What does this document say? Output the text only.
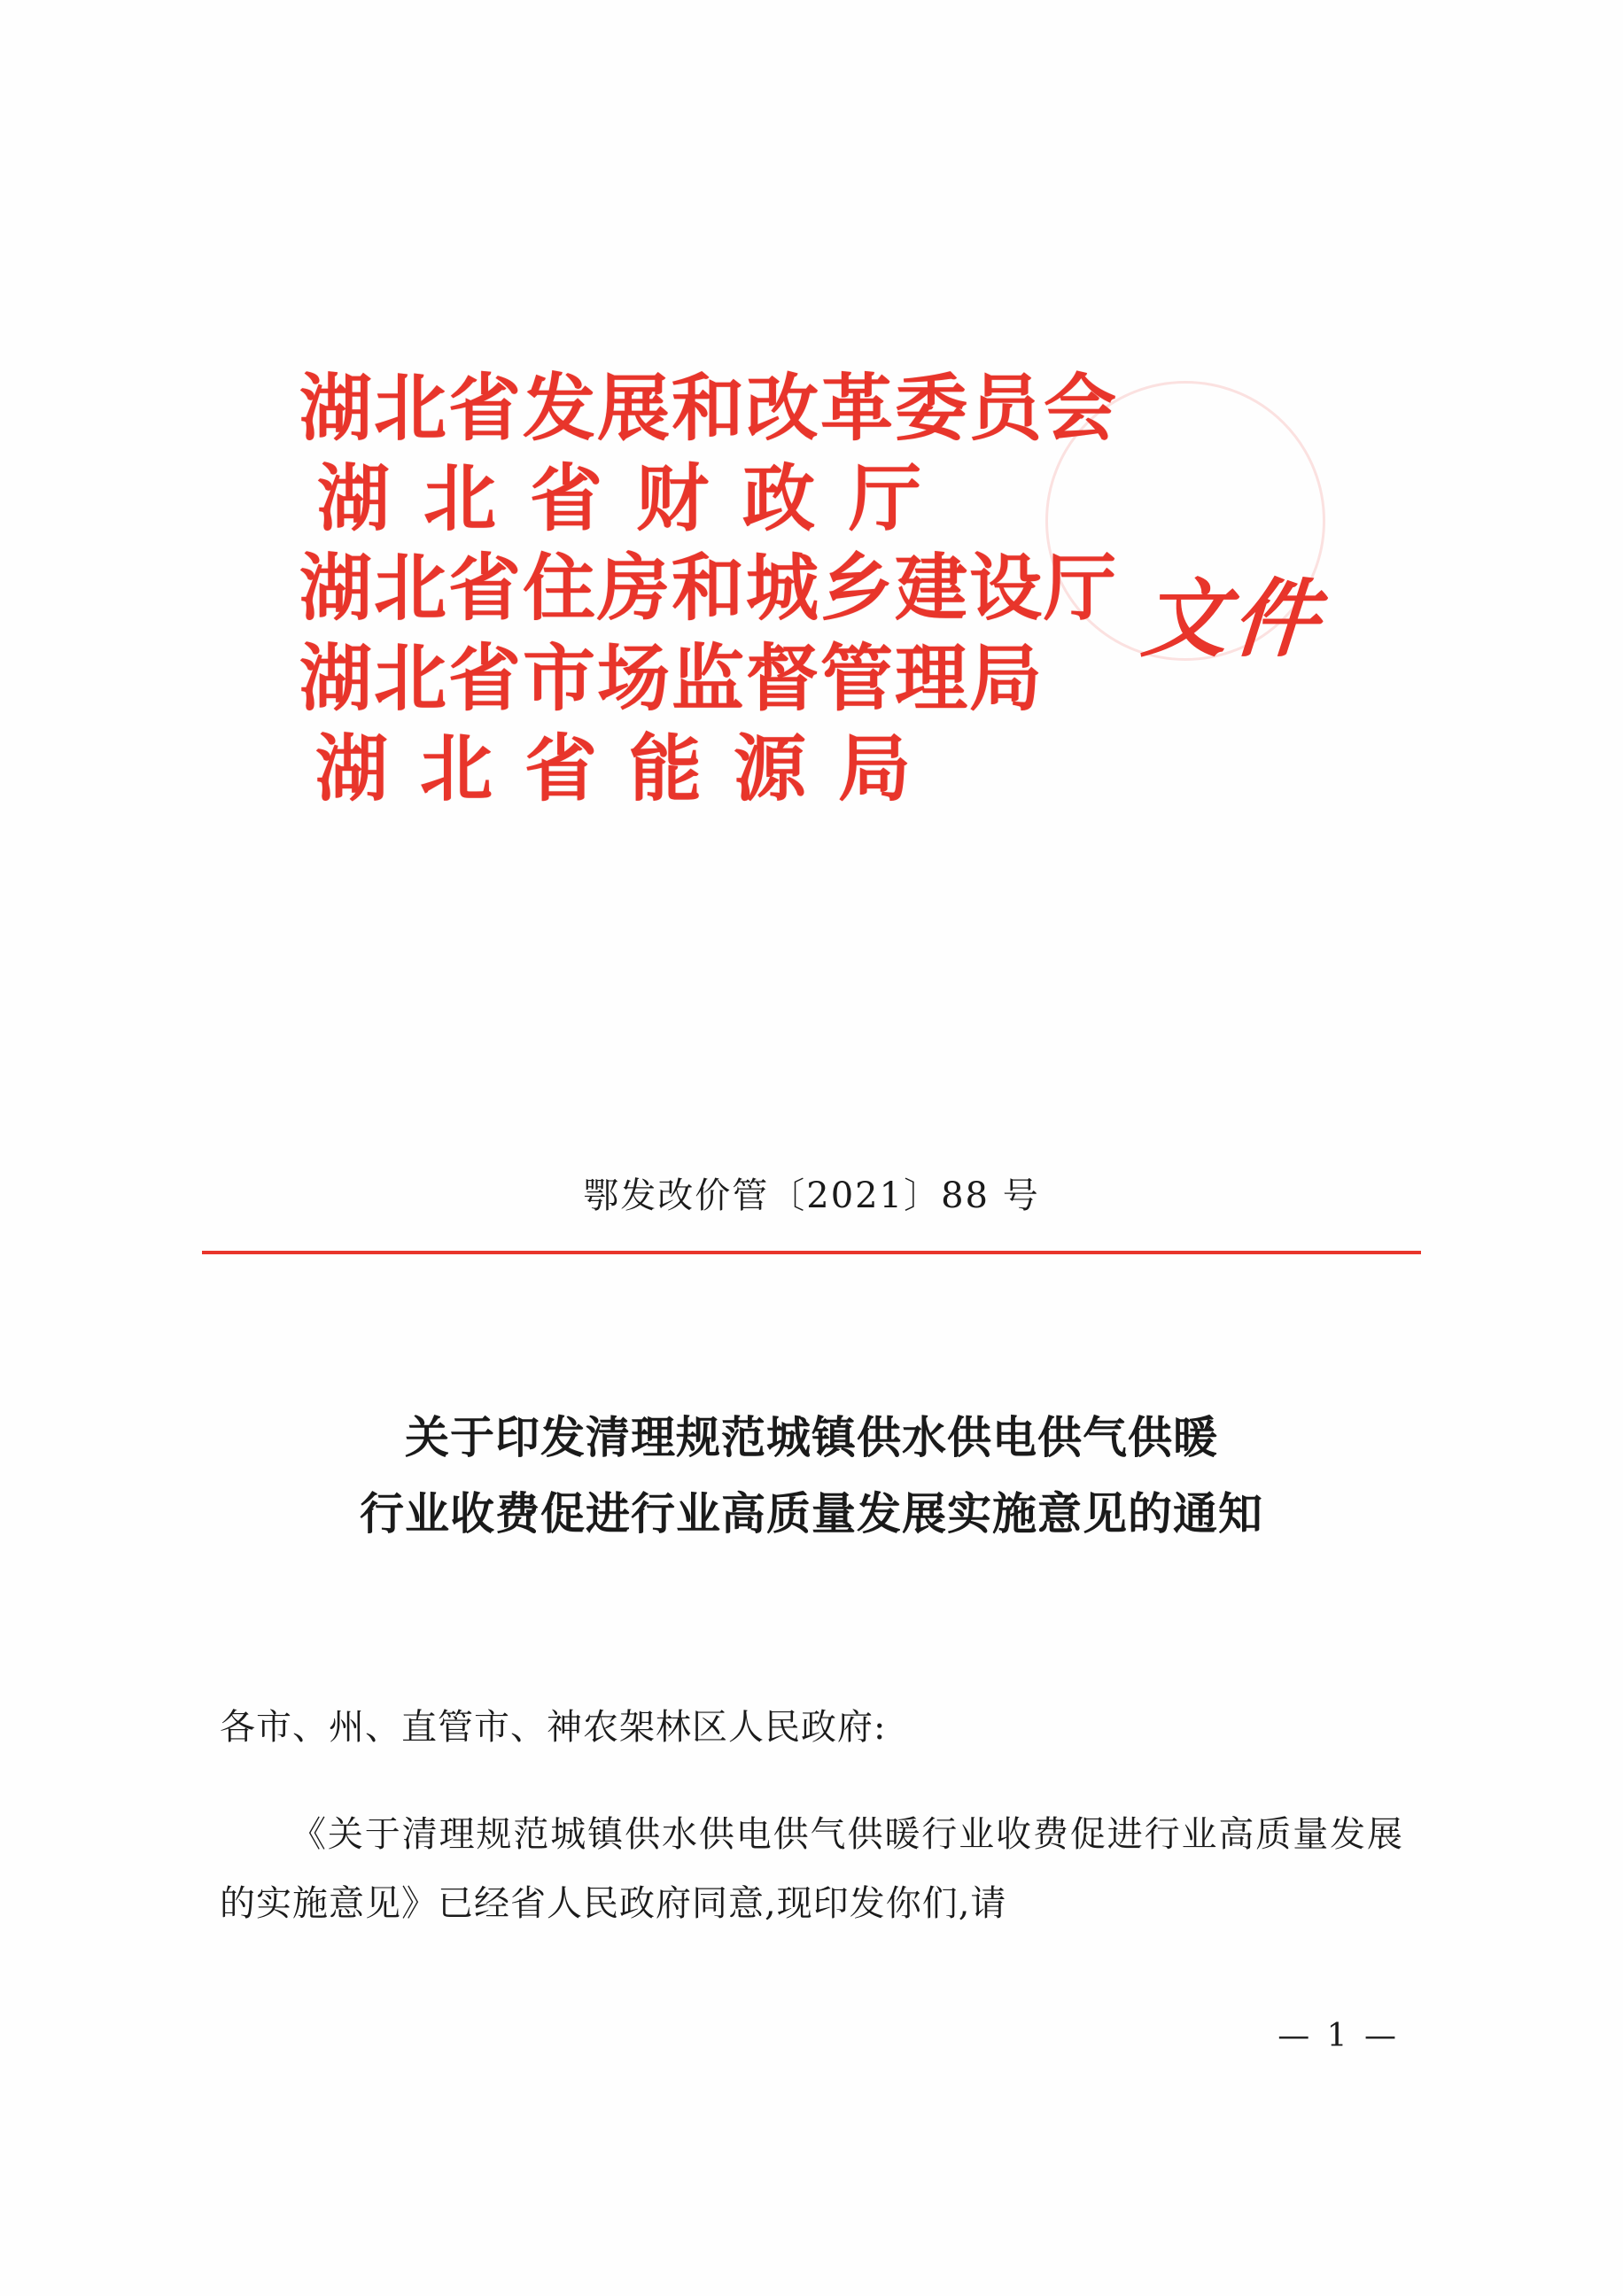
湖北省发展和改革委员会
湖北省财政厅
湖北省住房和城乡建设厅
湖北省市场监督管理局
湖北省能源局
文件
鄂发改价管〔2021〕88 号
关于印发清理规范城镇供水供电供气供暖
行业收费促进行业高质量发展实施意见的通知
各市、州、直管市、神农架林区人民政府:
《关于清理规范城镇供水供电供气供暖行业收费促进行业高质量发展的实施意见》已经省人民政府同意,现印发你们,请
— 1 —
